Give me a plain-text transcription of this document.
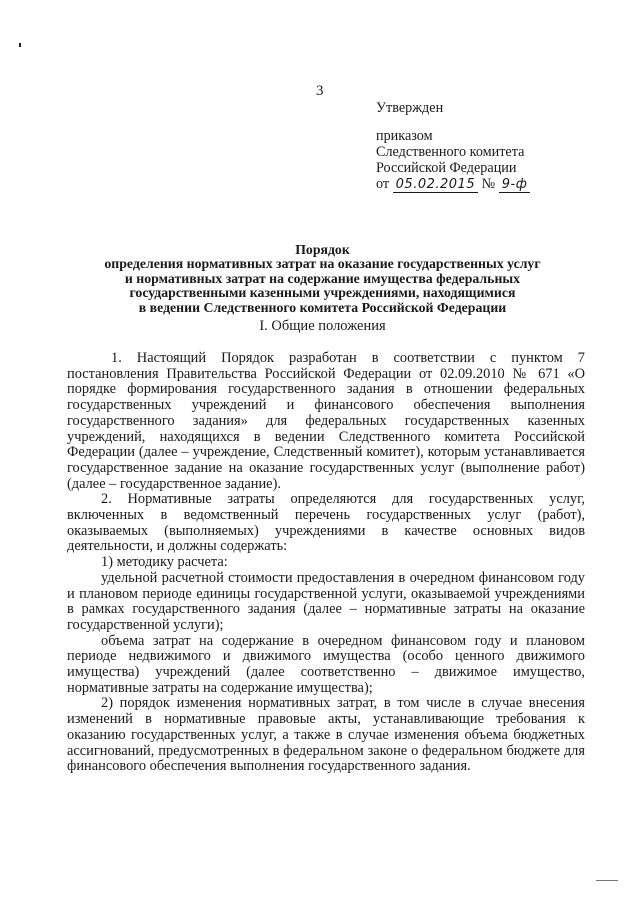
3
Утвержден
приказом
Следственного комитета
Российской Федерации
от 05.02.2015 № 9-ф
Порядок
определения нормативных затрат на оказание государственных услуг
и нормативных затрат на содержание имущества федеральных
государственными казенными учреждениями, находящимися
в ведении Следственного комитета Российской Федерации
I. Общие положения

1. Настоящий Порядок разработан в соответствии с пунктом 7 постановления Правительства Российской Федерации от 02.09.2010 № 671 «О порядке формирования государственного задания в отношении федеральных государственных учреждений и финансового обеспечения выполнения государственного задания» для федеральных государственных казенных учреждений, находящихся в ведении Следственного комитета Российской Федерации (далее – учреждение, Следственный комитет), которым устанавливается государственное задание на оказание государственных услуг (выполнение работ) (далее – государственное задание).

2. Нормативные затраты определяются для государственных услуг, включенных в ведомственный перечень государственных услуг (работ), оказываемых (выполняемых) учреждениями в качестве основных видов деятельности, и должны содержать:

1) методику расчета:

удельной расчетной стоимости предоставления в очередном финансовом году и плановом периоде единицы государственной услуги, оказываемой учреждениями в рамках государственного задания (далее – нормативные затраты на оказание государственной услуги);

объема затрат на содержание в очередном финансовом году и плановом периоде недвижимого и движимого имущества (особо ценного движимого имущества) учреждений (далее соответственно – движимое имущество, нормативные затраты на содержание имущества);

2) порядок изменения нормативных затрат, в том числе в случае внесения изменений в нормативные правовые акты, устанавливающие требования к оказанию государственных услуг, а также в случае изменения объема бюджетных ассигнований, предусмотренных в федеральном законе о федеральном бюджете для финансового обеспечения выполнения государственного задания.
